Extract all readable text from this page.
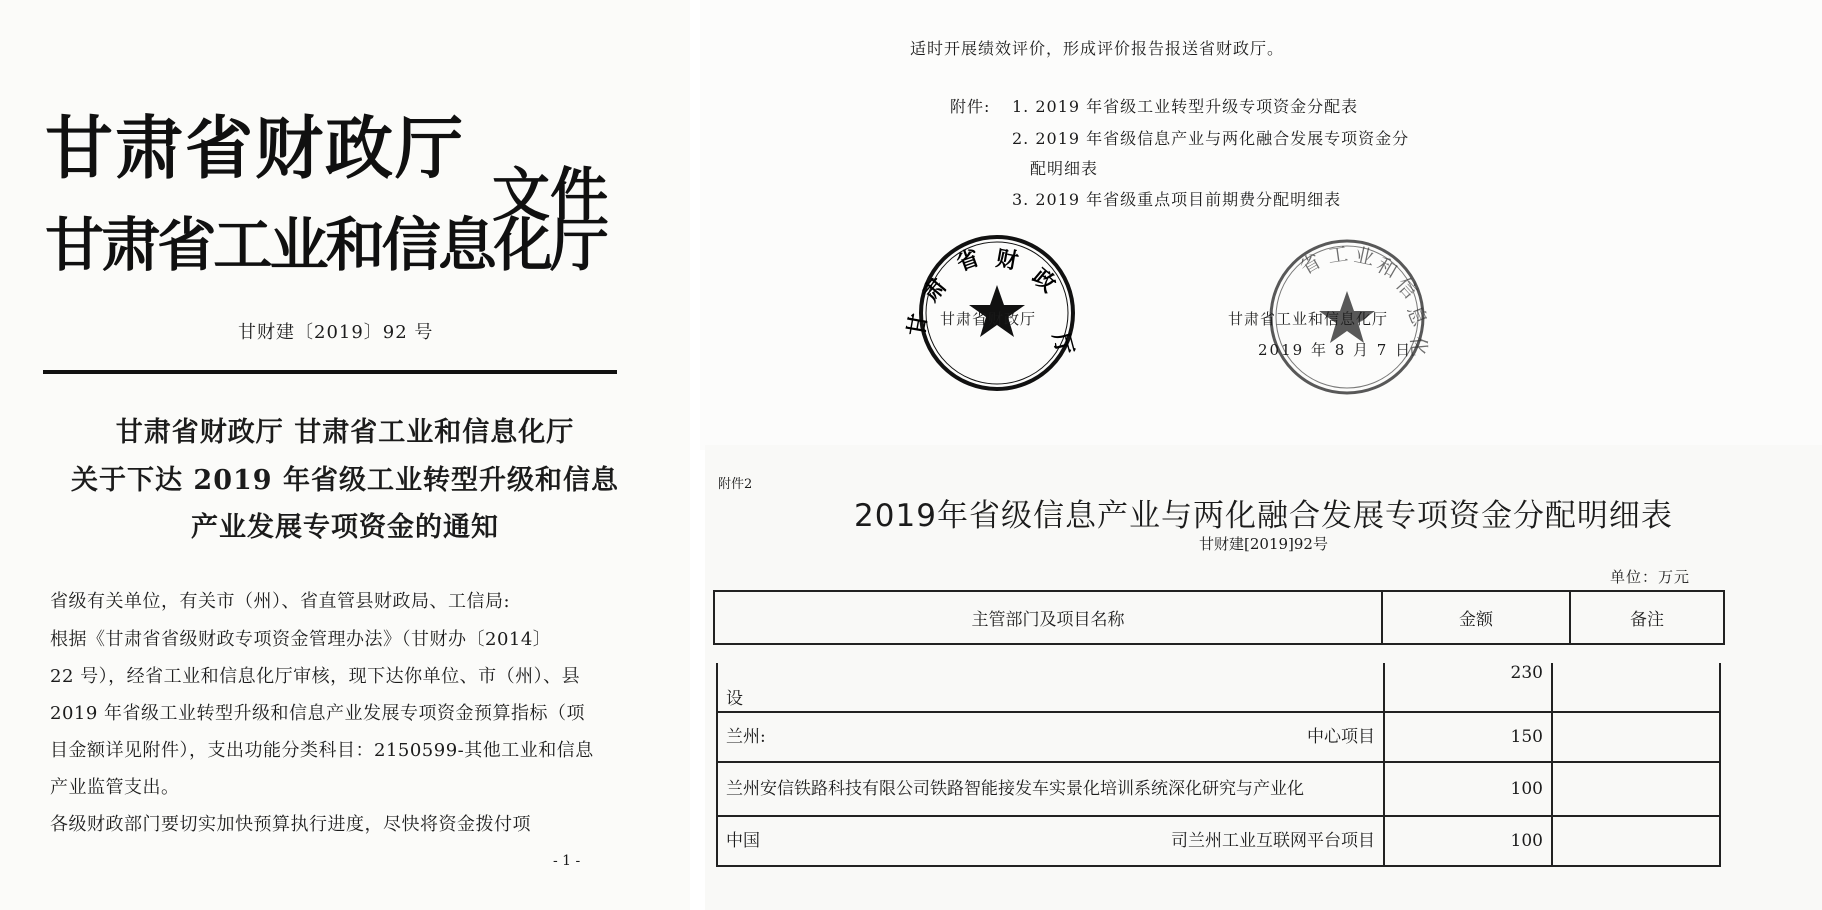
甘肃省财政厅
甘肃省工业和信息化厅
文件
甘财建〔2019〕92 号
甘肃省财政厅 甘肃省工业和信息化厅
关于下达 2019 年省级工业转型升级和信息
产业发展专项资金的通知
省级有关单位，有关市（州）、省直管县财政局、工信局:
根据《甘肃省省级财政专项资金管理办法》（甘财办〔2014〕
22 号），经省工业和信息化厅审核，现下达你单位、市（州）、县
2019 年省级工业转型升级和信息产业发展专项资金预算指标（项
目金额详见附件），支出功能分类科目：2150599-其他工业和信息
产业监管支出。
各级财政部门要切实加快预算执行进度，尽快将资金拨付项
- 1 -
适时开展绩效评价，形成评价报告报送省财政厅。
附件: 1. 2019 年省级工业转型升级专项资金分配表
2. 2019 年省级信息产业与两化融合发展专项资金分
配明细表
3. 2019 年省级重点项目前期费分配明细表
肃
省 财
政
厅
甘
省 工 业
和
信
息
化
甘肃省财政厅	甘肃省工业和信息化厅
2019 年 8 月 7 日
附件2
2019年省级信息产业与两化融合发展专项资金分配明细表
甘财建[2019]92号
单位：万元
主管部门及项目名称	金额	备注
设	230	
兰州: 中心项目	150	
兰州安信铁路科技有限公司铁路智能接发车实景化培训系统深化研究与产业化	100	
中国 司兰州工业互联网平台项目	100	
